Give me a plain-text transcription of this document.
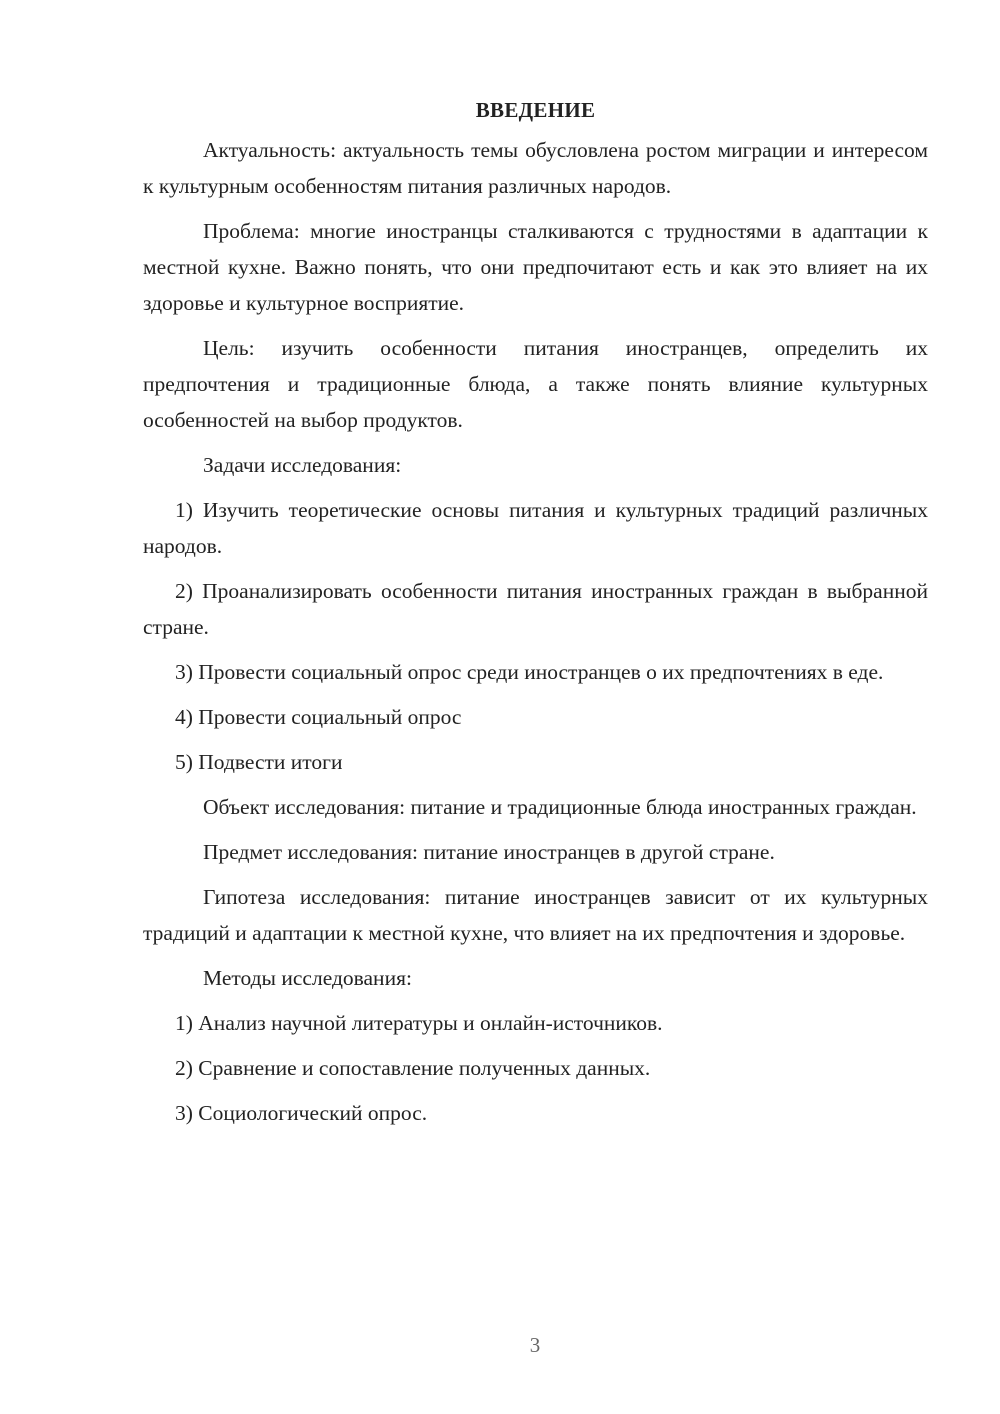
ВВЕДЕНИЕ

Актуальность: актуальность темы обусловлена ростом миграции и интересом к культурным особенностям питания различных народов.

Проблема: многие иностранцы сталкиваются с трудностями в адаптации к местной кухне. Важно понять, что они предпочитают есть и как это влияет на их здоровье и культурное восприятие.

Цель: изучить особенности питания иностранцев, определить их предпочтения и традиционные блюда, а также понять влияние культурных особенностей на выбор продуктов.

Задачи исследования:

1) Изучить теоретические основы питания и культурных традиций различных народов.

2) Проанализировать особенности питания иностранных граждан в выбранной стране.

3) Провести социальный опрос среди иностранцев о их предпочтениях в еде.

4) Провести социальный опрос

5) Подвести итоги

Объект исследования: питание и традиционные блюда иностранных граждан.

Предмет исследования: питание иностранцев в другой стране.

Гипотеза исследования: питание иностранцев зависит от их культурных традиций и адаптации к местной кухне, что влияет на их предпочтения и здоровье.

Методы исследования:

1) Анализ научной литературы и онлайн-источников.

2) Сравнение и сопоставление полученных данных.

3) Социологический опрос.

3
